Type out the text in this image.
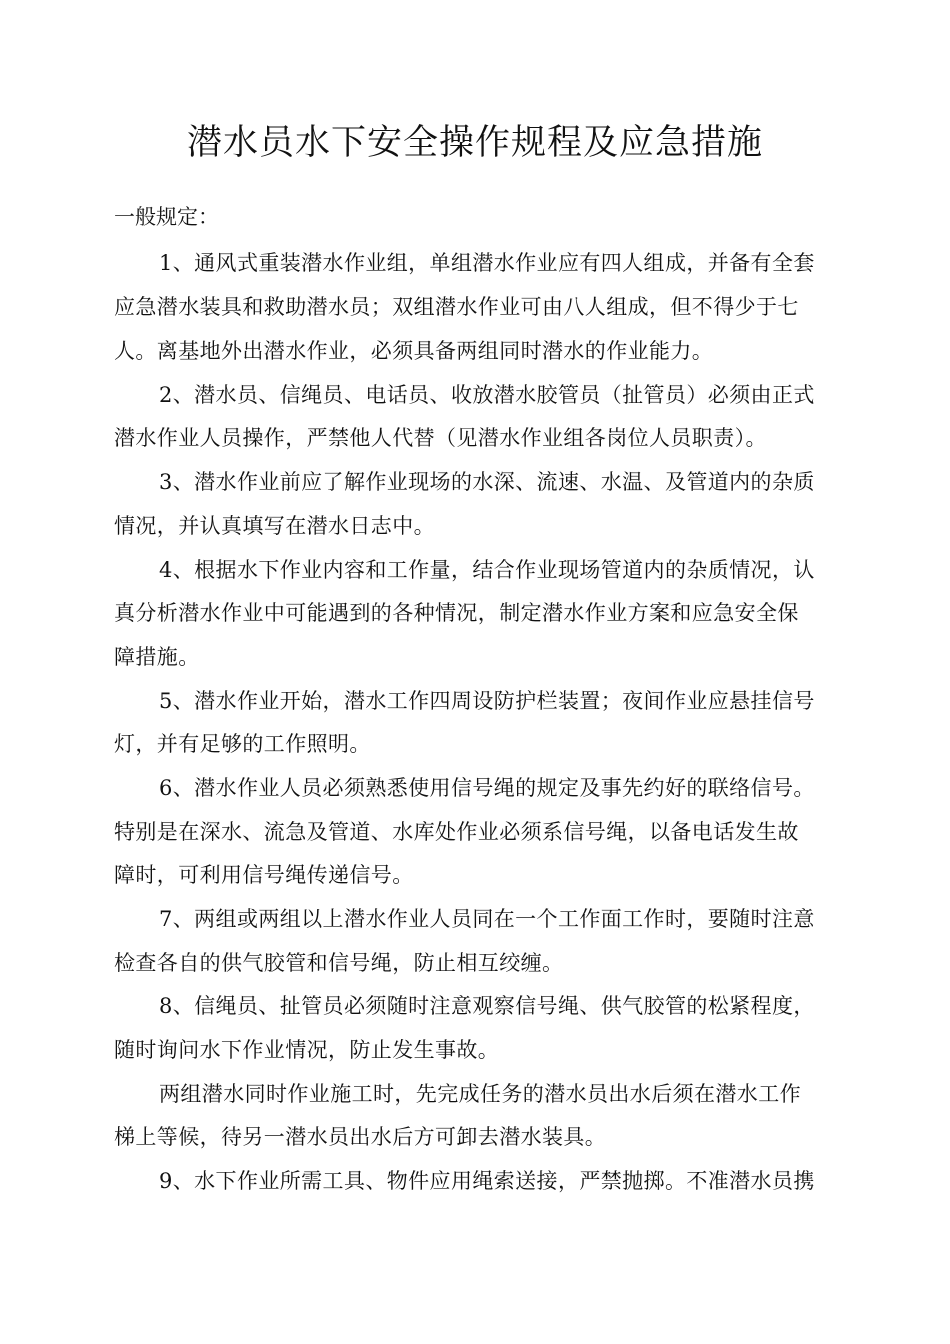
潜水员水下安全操作规程及应急措施
一般规定：
1、通风式重装潜水作业组，单组潜水作业应有四人组成，并备有全套
应急潜水装具和救助潜水员；双组潜水作业可由八人组成，但不得少于七
人。离基地外出潜水作业，必须具备两组同时潜水的作业能力。
2、潜水员、信绳员、电话员、收放潜水胶管员（扯管员）必须由正式
潜水作业人员操作，严禁他人代替（见潜水作业组各岗位人员职责）。
3、潜水作业前应了解作业现场的水深、流速、水温、及管道内的杂质
情况，并认真填写在潜水日志中。
4、根据水下作业内容和工作量，结合作业现场管道内的杂质情况，认
真分析潜水作业中可能遇到的各种情况，制定潜水作业方案和应急安全保
障措施。
5、潜水作业开始，潜水工作四周设防护栏装置；夜间作业应悬挂信号
灯，并有足够的工作照明。
6、潜水作业人员必须熟悉使用信号绳的规定及事先约好的联络信号。
特别是在深水、流急及管道、水库处作业必须系信号绳，以备电话发生故
障时，可利用信号绳传递信号。
7、两组或两组以上潜水作业人员同在一个工作面工作时，要随时注意
检查各自的供气胶管和信号绳，防止相互绞缠。
8、信绳员、扯管员必须随时注意观察信号绳、供气胶管的松紧程度，
随时询问水下作业情况，防止发生事故。
两组潜水同时作业施工时，先完成任务的潜水员出水后须在潜水工作
梯上等候，待另一潜水员出水后方可卸去潜水装具。
9、水下作业所需工具、物件应用绳索送接，严禁抛掷。不准潜水员携
